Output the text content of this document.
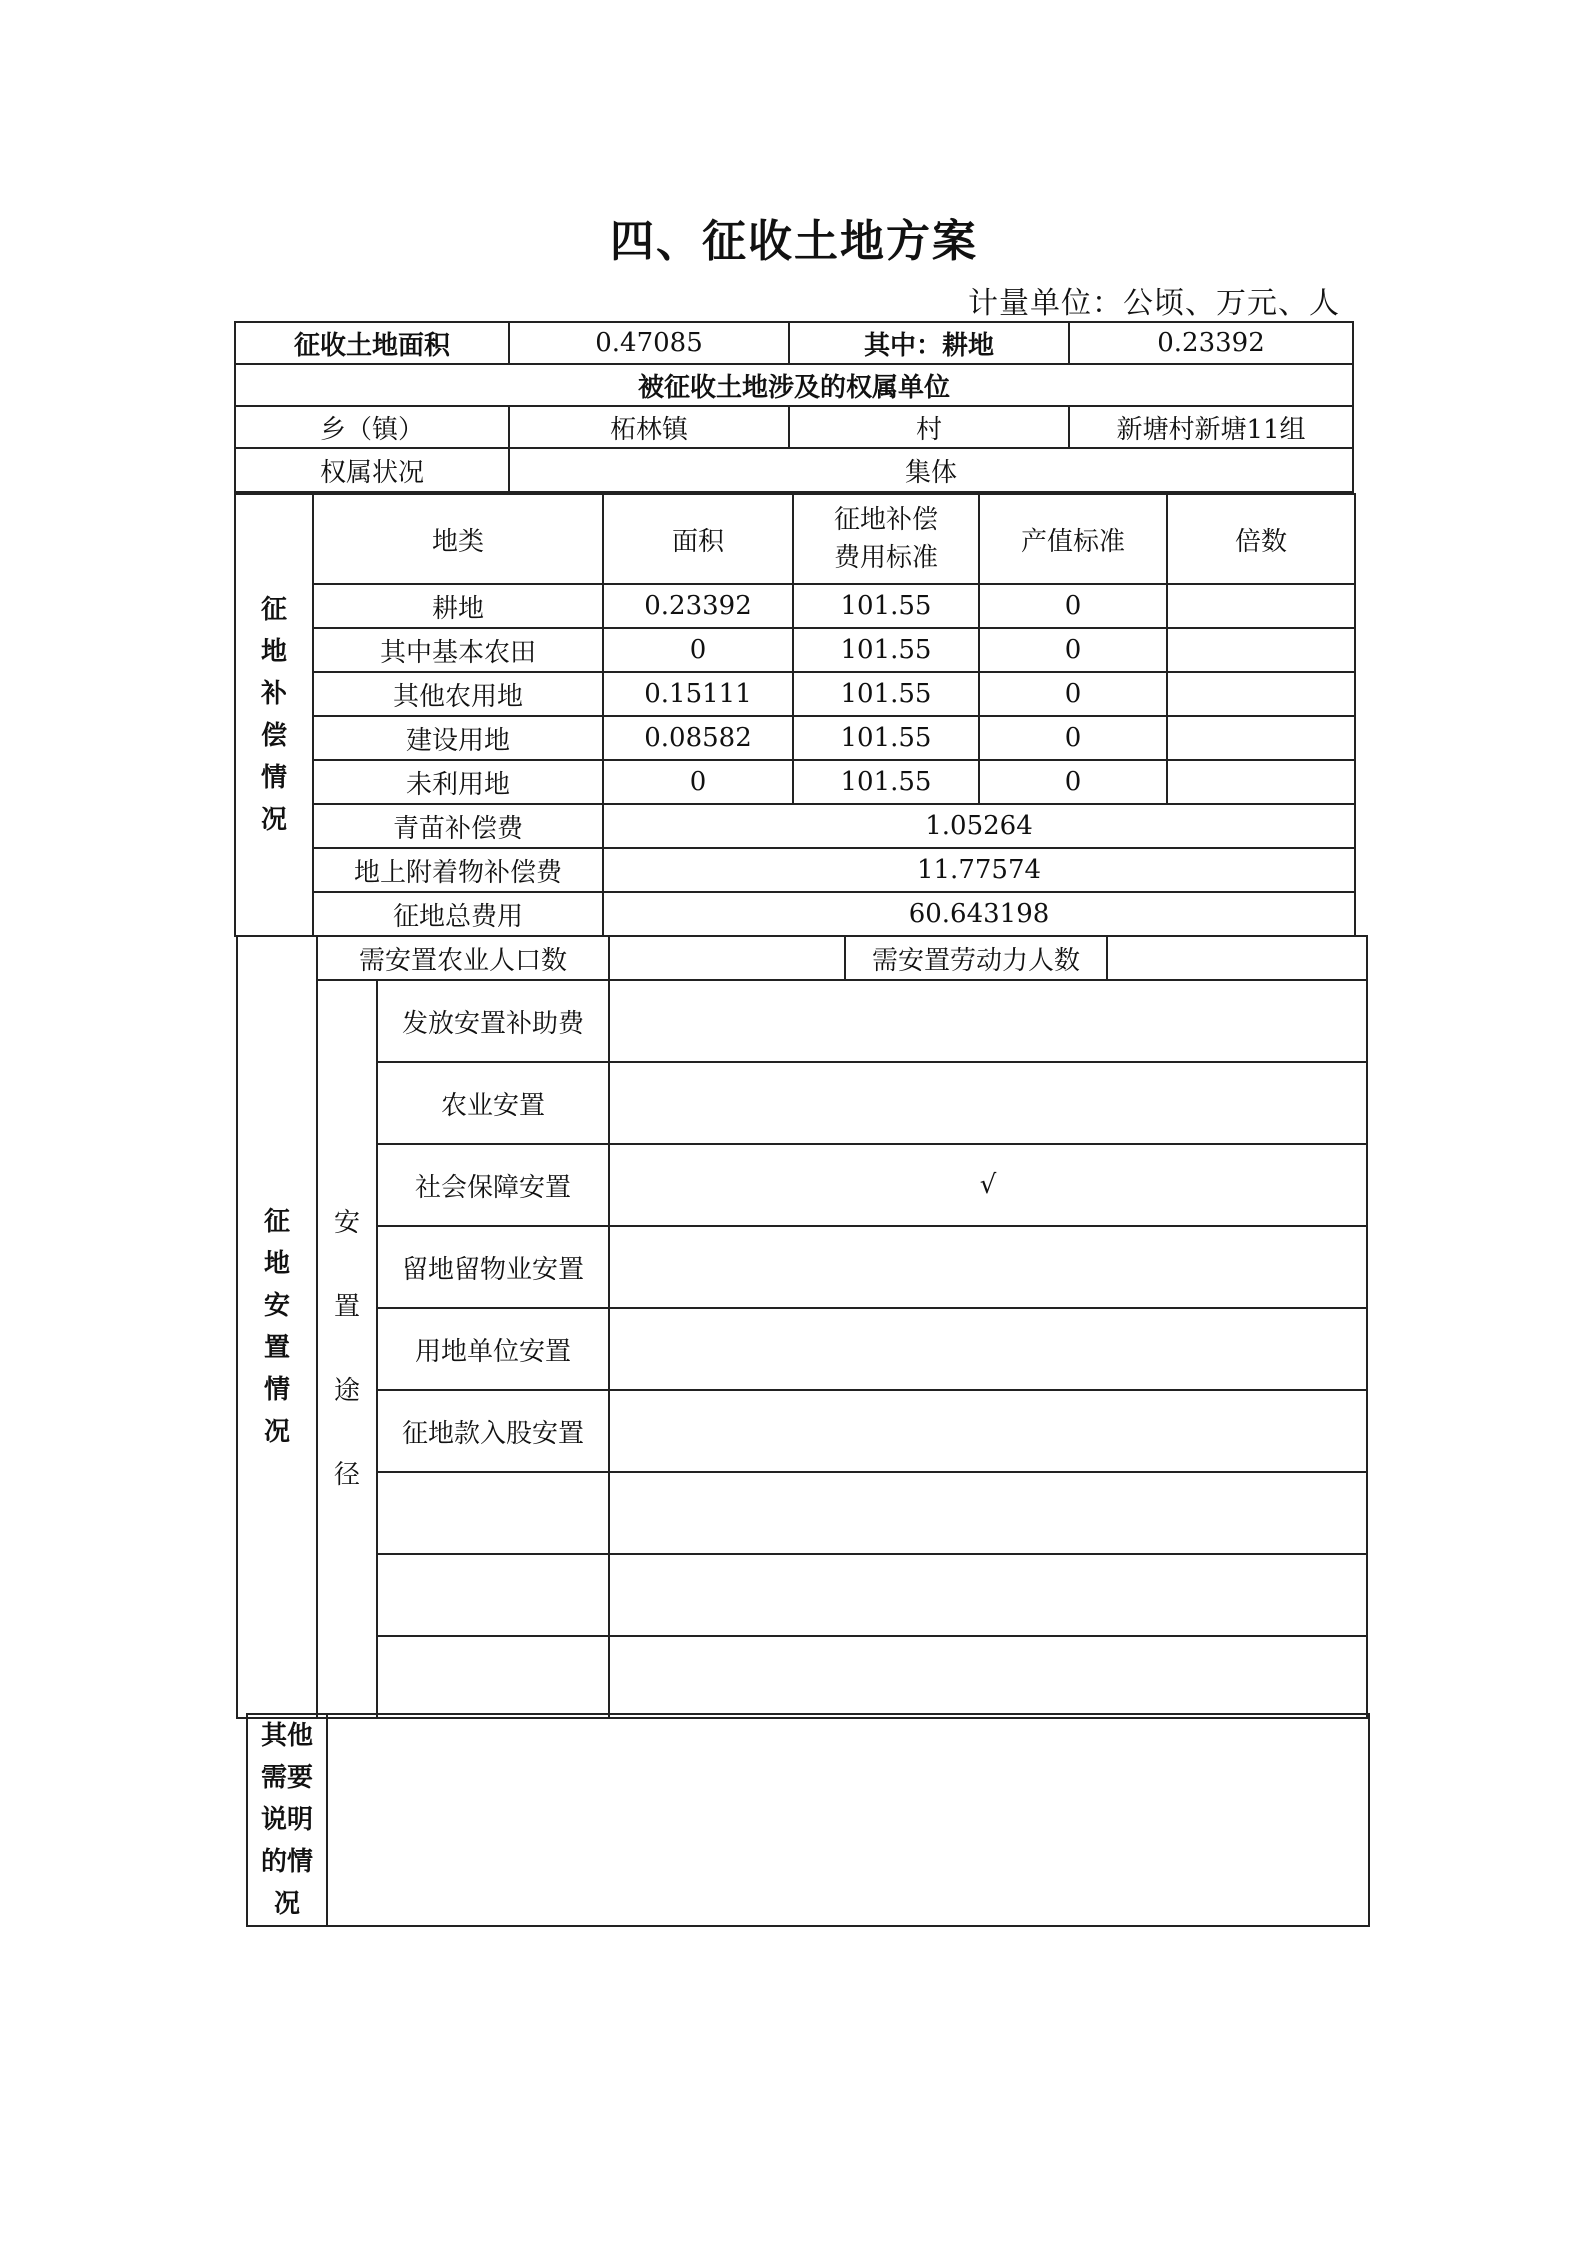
四、征收土地方案
计量单位：公顷、万元、人
征收土地面积	0.47085	其中：耕地	0.23392
被征收土地涉及的权属单位			
乡（镇）	柘林镇	村	新塘村新塘11组
权属状况	集体		
征地补偿情况	地类	面积	征地补偿费用标准	产值标准	倍数
	耕地	0.23392	101.55	0	
	其中基本农田	0	101.55	0	
	其他农用地	0.15111	101.55	0	
	建设用地	0.08582	101.55	0	
	未利用地	0	101.55	0	
	青苗补偿费	1.05264			
	地上附着物补偿费	11.77574			
	征地总费用	60.643198			
征地安置情况	需安置农业人口数			需安置劳动力人数	

	安置途径	发放安置补助费			
		农业安置			
		社会保障安置	√		
		留地留物业安置			
		用地单位安置			
		征地款入股安置			

其他需要说明的情况
